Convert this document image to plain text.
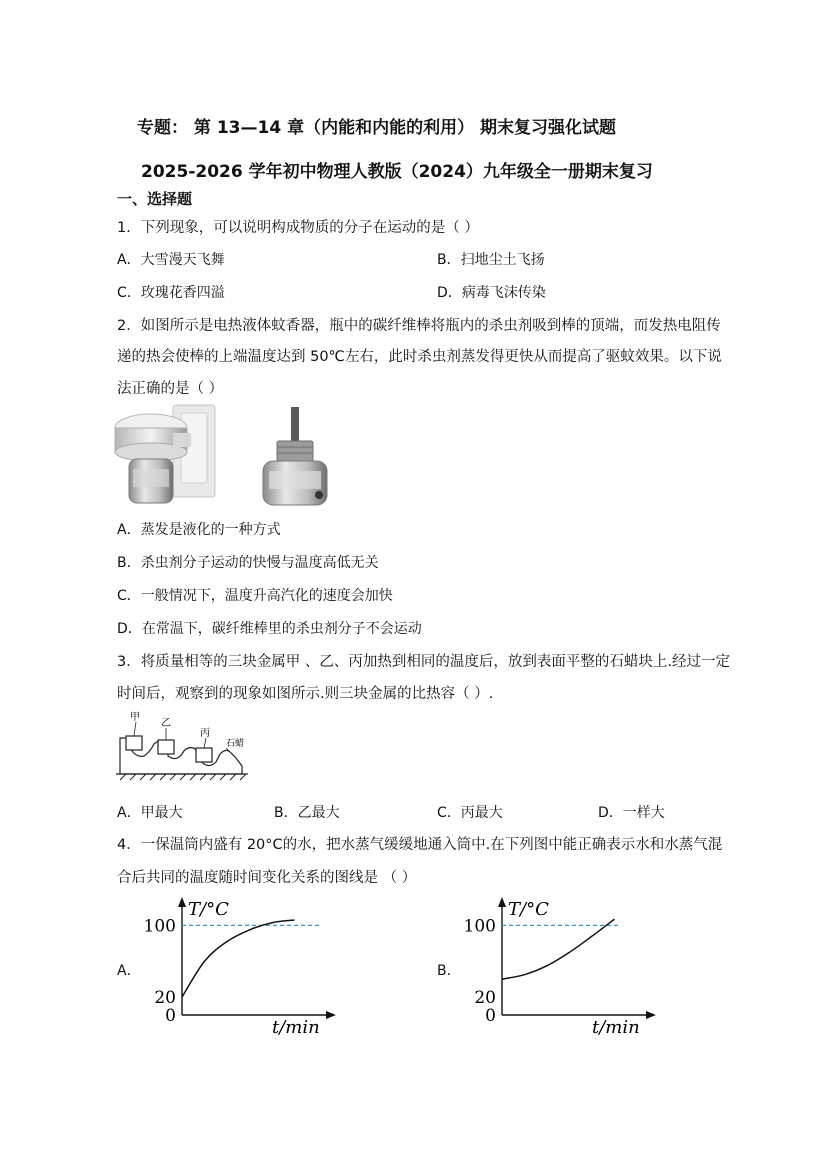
专题： 第 13—14 章（内能和内能的利用） 期末复习强化试题
2025-2026 学年初中物理人教版（2024）九年级全一册期末复习
一、选择题
1．下列现象，可以说明构成物质的分子在运动的是（ ）
A．大雪漫天飞舞	B．扫地尘土飞扬
C．玫瑰花香四溢	D．病毒飞沫传染
2．如图所示是电热液体蚊香器，瓶中的碳纤维棒将瓶内的杀虫剂吸到棒的顶端，而发热电阻传
递的热会使棒的上端温度达到 50℃左右，此时杀虫剂蒸发得更快从而提高了驱蚊效果。以下说
法正确的是（ ）
A．蒸发是液化的一种方式
B．杀虫剂分子运动的快慢与温度高低无关
C．一般情况下，温度升高汽化的速度会加快
D．在常温下，碳纤维棒里的杀虫剂分子不会运动
3．将质量相等的三块金属甲 、乙、丙加热到相同的温度后，放到表面平整的石蜡块上.经过一定
时间后，观察到的现象如图所示.则三块金属的比热容（ ）.
甲
乙
丙
石蜡
A．甲最大	B．乙最大	C．丙最大	D．一样大
4．一保温筒内盛有 20°C的水，把水蒸气缓缓地通入筒中.在下列图中能正确表示水和水蒸气混
合后共同的温度随时间变化关系的图线是 （ ）
A．	B．
T/°C
t/min
100
20
0
T/°C
t/min
100
20
0
